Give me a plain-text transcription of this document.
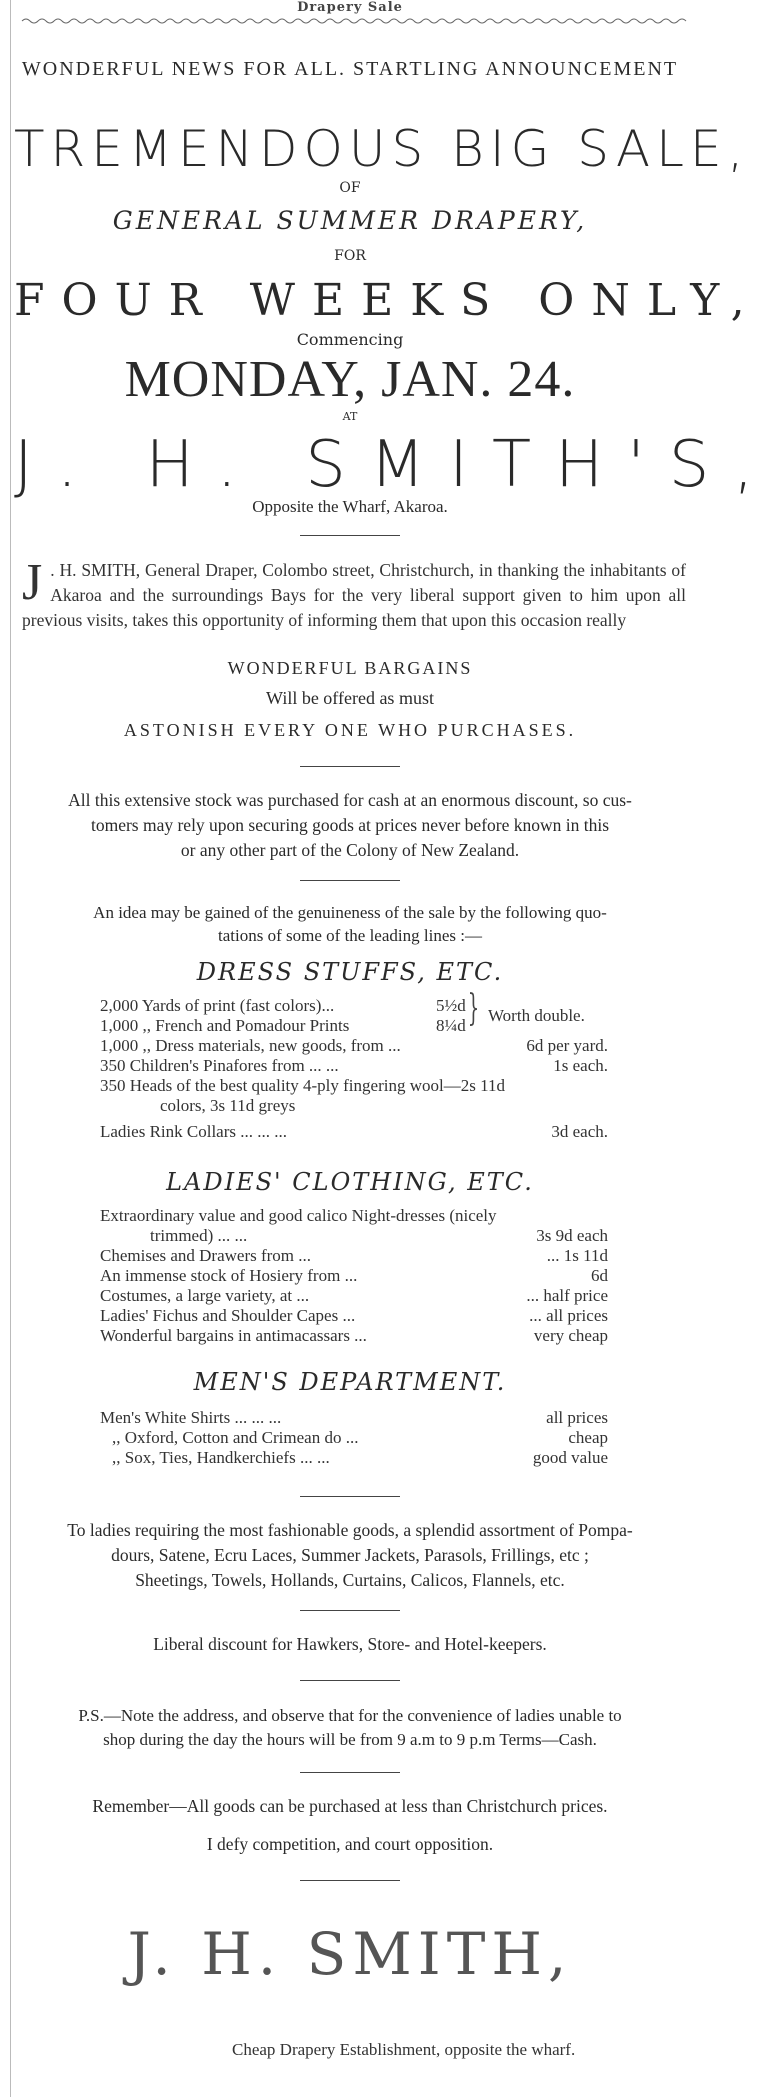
Drapery Sale
WONDERFUL NEWS FOR ALL. STARTLING ANNOUNCEMENT
TREMENDOUS BIG SALE,
OF
GENERAL SUMMER DRAPERY,
FOR
FOUR WEEKS ONLY,
Commencing
MONDAY, JAN. 24.
AT
J. H. SMITH'S,
Opposite the Wharf, Akaroa.
J . H. SMITH, General Draper, Colombo street, Christchurch, in thanking the inhabitants of Akaroa and the surroundings Bays for the very liberal support given to him upon all previous visits, takes this opportunity of informing them that upon this occasion really
WONDERFUL BARGAINS
Will be offered as must
ASTONISH EVERY ONE WHO PURCHASES.
All this extensive stock was purchased for cash at an enormous discount, so cus-
tomers may rely upon securing goods at prices never before known in this
or any other part of the Colony of New Zealand.
An idea may be gained of the genuineness of the sale by the following quo-
tations of some of the leading lines :—
DRESS STUFFS, ETC.
2,000 Yards of print (fast colors)...	5½d
1,000 ,, French and Pomadour Prints	8¼d } Worth double.
1,000 ,, Dress materials, new goods, from ...	6d per yard.
350 Children's Pinafores from ... ...	1s each.
350 Heads of the best quality 4-ply fingering wool—2s 11d
colors, 3s 11d greys
Ladies Rink Collars ... ... ...	3d each.
LADIES' CLOTHING, ETC.
Extraordinary value and good calico Night-dresses (nicely
trimmed) ... ...	3s 9d each
Chemises and Drawers from ...	... 1s 11d
An immense stock of Hosiery from ...	6d
Costumes, a large variety, at ...	... half price
Ladies' Fichus and Shoulder Capes ...	... all prices
Wonderful bargains in antimacassars ...	very cheap
MEN'S DEPARTMENT.
Men's White Shirts ... ... ...	all prices
,, Oxford, Cotton and Crimean do ...	cheap
,, Sox, Ties, Handkerchiefs ... ...	good value
To ladies requiring the most fashionable goods, a splendid assortment of Pompa-
dours, Satene, Ecru Laces, Summer Jackets, Parasols, Frillings, etc ;
Sheetings, Towels, Hollands, Curtains, Calicos, Flannels, etc.
Liberal discount for Hawkers, Store- and Hotel-keepers.
P.S.—Note the address, and observe that for the convenience of ladies unable to
shop during the day the hours will be from 9 a.m to 9 p.m Terms—Cash.
Remember—All goods can be purchased at less than Christchurch prices.
I defy competition, and court opposition.
J. H. SMITH,
Cheap Drapery Establishment, opposite the wharf.
